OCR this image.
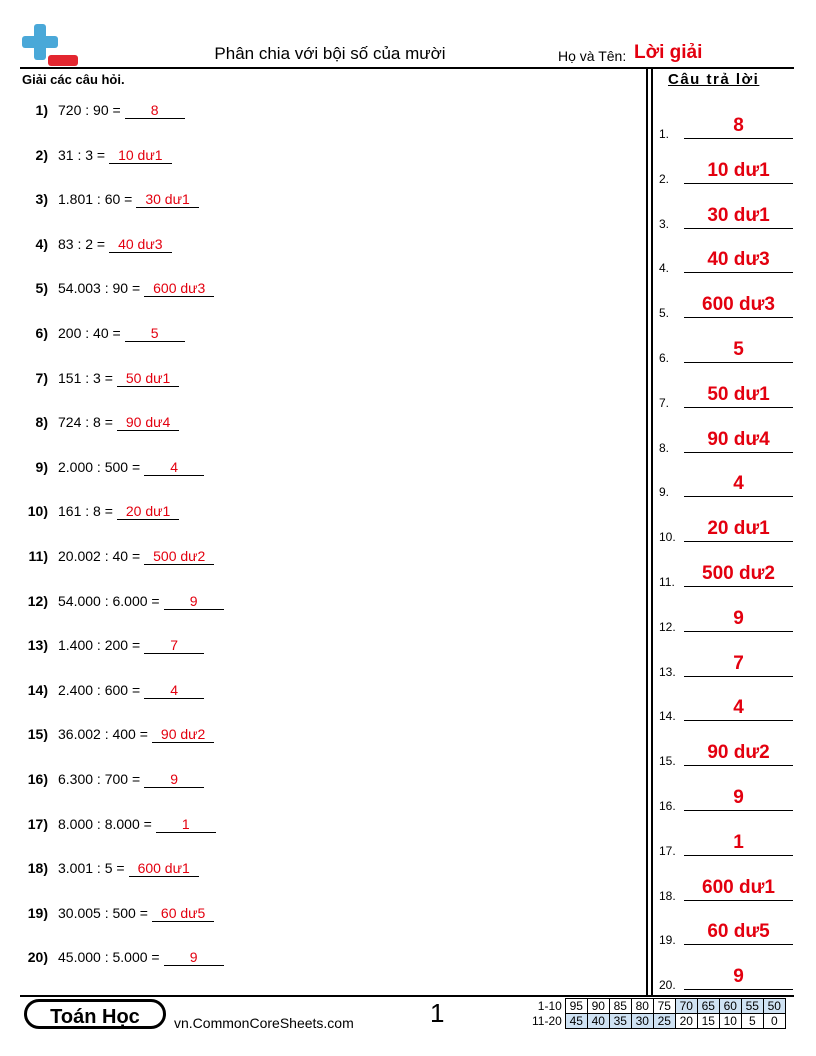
Phân chia với bội số của mười	Họ và Tên: Lời giải
Giải các câu hỏi.	Câu trả lời
1) 720 : 90 = 8
2) 31 : 3 = 10 dư1
3) 1.801 : 60 = 30 dư1
4) 83 : 2 = 40 dư3
5) 54.003 : 90 = 600 dư3
6) 200 : 40 = 5
7) 151 : 3 = 50 dư1
8) 724 : 8 = 90 dư4
9) 2.000 : 500 = 4
10) 161 : 8 = 20 dư1
11) 20.002 : 40 = 500 dư2
12) 54.000 : 6.000 = 9
13) 1.400 : 200 = 7
14) 2.400 : 600 = 4
15) 36.002 : 400 = 90 dư2
16) 6.300 : 700 = 9
17) 8.000 : 8.000 = 1
18) 3.001 : 5 = 600 dư1
19) 30.005 : 500 = 60 dư5
20) 45.000 : 5.000 = 9
1.	8
2.	10 dư1
3.	30 dư1
4.	40 dư3
5.	600 dư3
6.	5
7.	50 dư1
8.	90 dư4
9.	4
10.	20 dư1
11.	500 dư2
12.	9
13.	7
14.	4
15.	90 dư2
16.	9
17.	1
18.	600 dư1
19.	60 dư5
20.	9
Toán Học	vn.CommonCoreSheets.com	1	1-10	95	90	85	80	75	70	65	60	55	50
11-20	45	40	35	30	25	20	15	10	5	0
